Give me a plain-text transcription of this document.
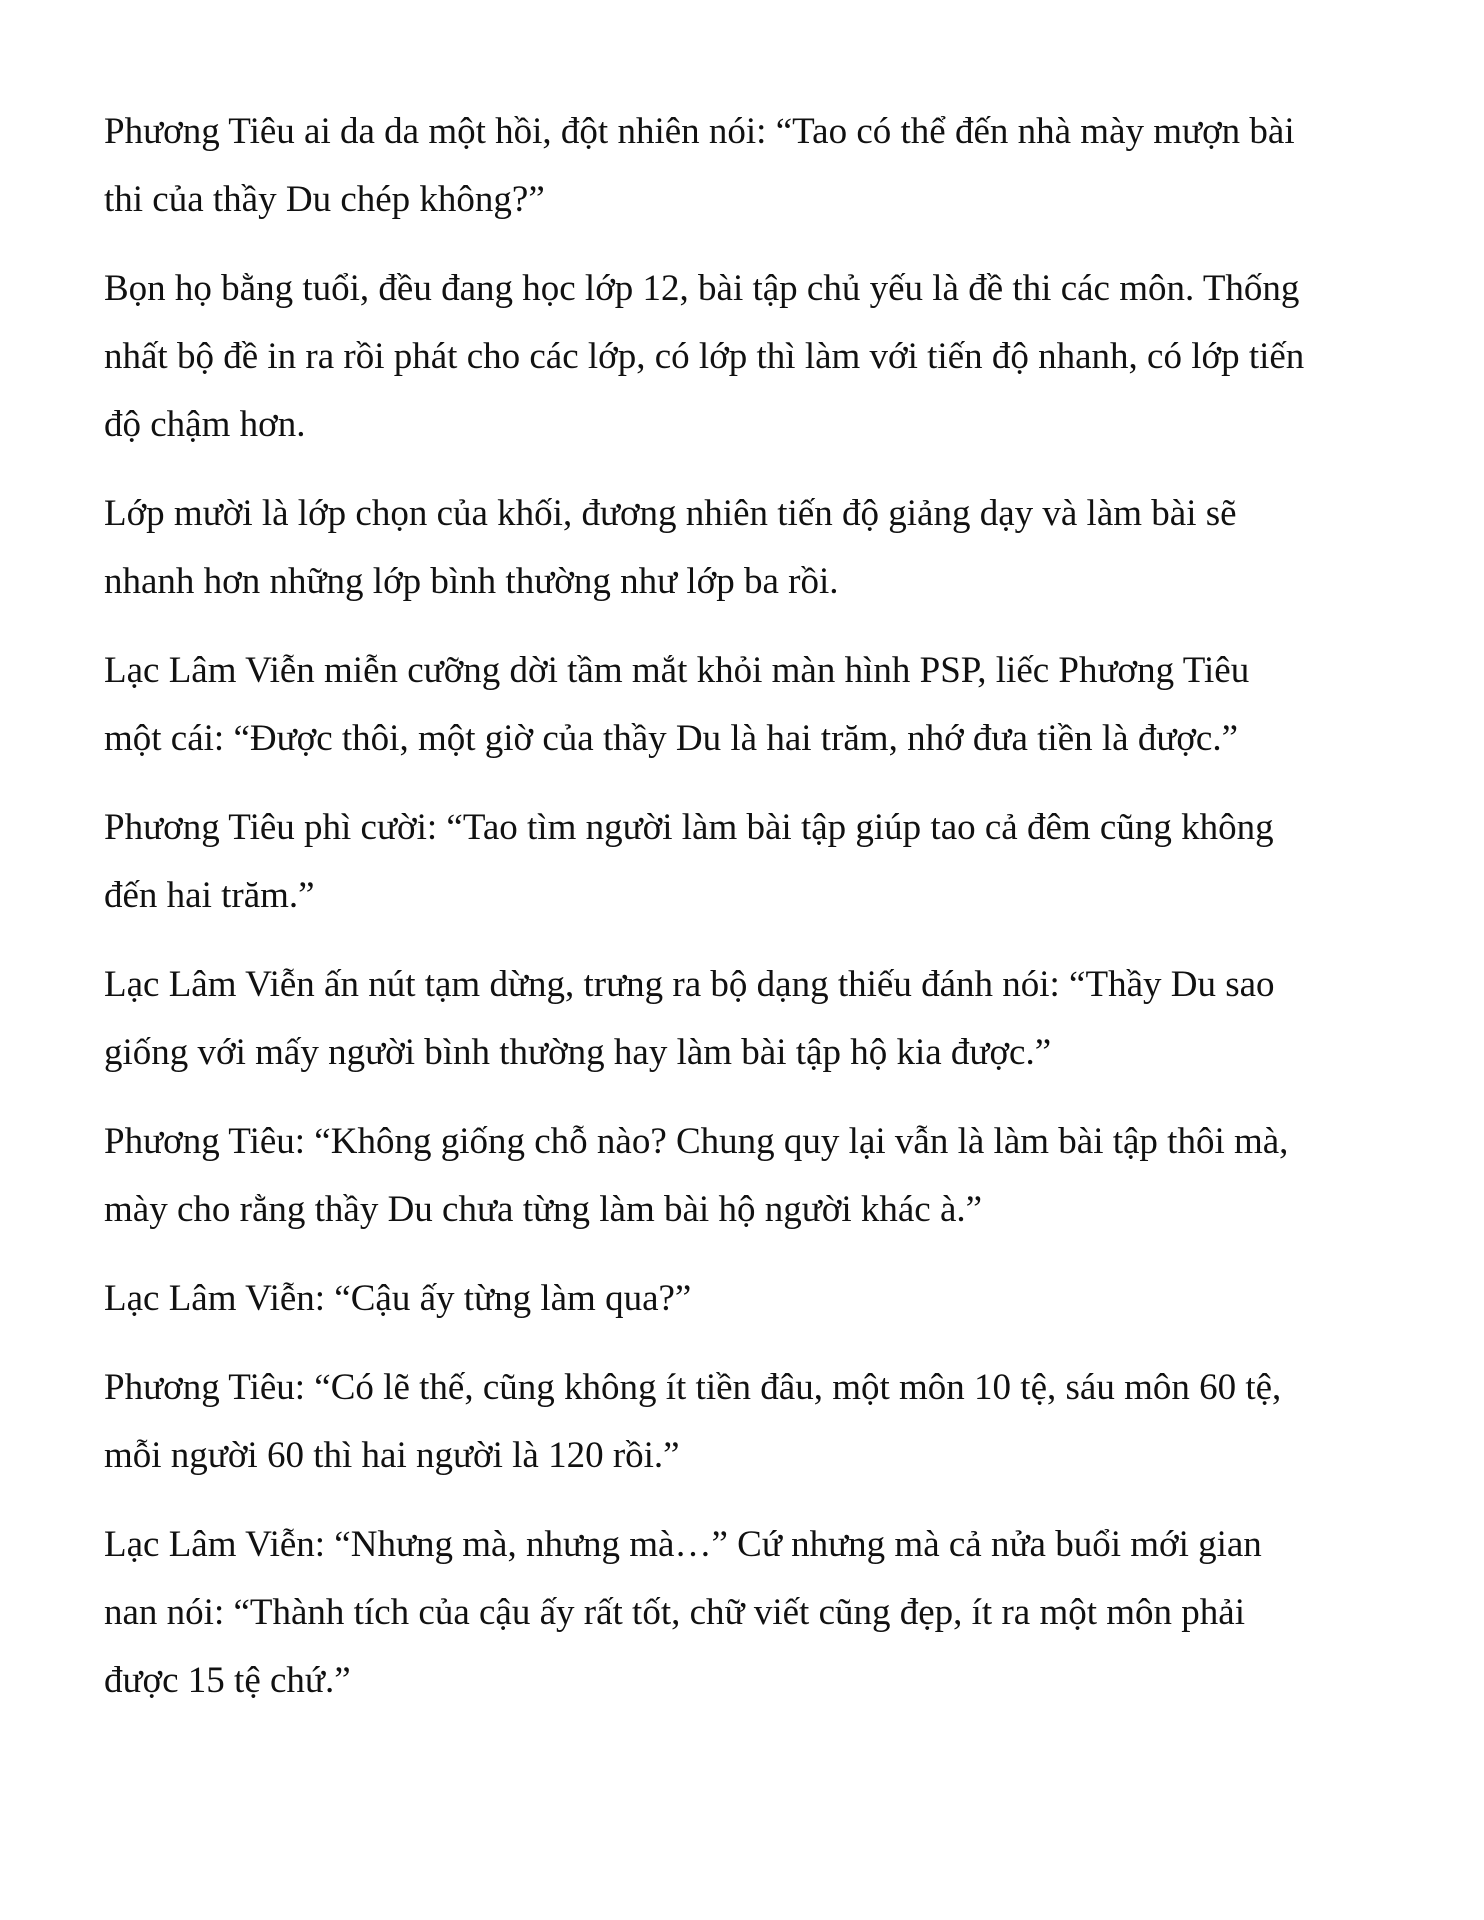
Phương Tiêu ai da da một hồi, đột nhiên nói: “Tao có thể đến nhà mày mượn bài
thi của thầy Du chép không?”

Bọn họ bằng tuổi, đều đang học lớp 12, bài tập chủ yếu là đề thi các môn. Thống
nhất bộ đề in ra rồi phát cho các lớp, có lớp thì làm với tiến độ nhanh, có lớp tiến
độ chậm hơn.

Lớp mười là lớp chọn của khối, đương nhiên tiến độ giảng dạy và làm bài sẽ
nhanh hơn những lớp bình thường như lớp ba rồi.

Lạc Lâm Viễn miễn cưỡng dời tầm mắt khỏi màn hình PSP, liếc Phương Tiêu
một cái: “Được thôi, một giờ của thầy Du là hai trăm, nhớ đưa tiền là được.”

Phương Tiêu phì cười: “Tao tìm người làm bài tập giúp tao cả đêm cũng không
đến hai trăm.”

Lạc Lâm Viễn ấn nút tạm dừng, trưng ra bộ dạng thiếu đánh nói: “Thầy Du sao
giống với mấy người bình thường hay làm bài tập hộ kia được.”

Phương Tiêu: “Không giống chỗ nào? Chung quy lại vẫn là làm bài tập thôi mà,
mày cho rằng thầy Du chưa từng làm bài hộ người khác à.”

Lạc Lâm Viễn: “Cậu ấy từng làm qua?”

Phương Tiêu: “Có lẽ thế, cũng không ít tiền đâu, một môn 10 tệ, sáu môn 60 tệ,
mỗi người 60 thì hai người là 120 rồi.”

Lạc Lâm Viễn: “Nhưng mà, nhưng mà…” Cứ nhưng mà cả nửa buổi mới gian
nan nói: “Thành tích của cậu ấy rất tốt, chữ viết cũng đẹp, ít ra một môn phải
được 15 tệ chứ.”
